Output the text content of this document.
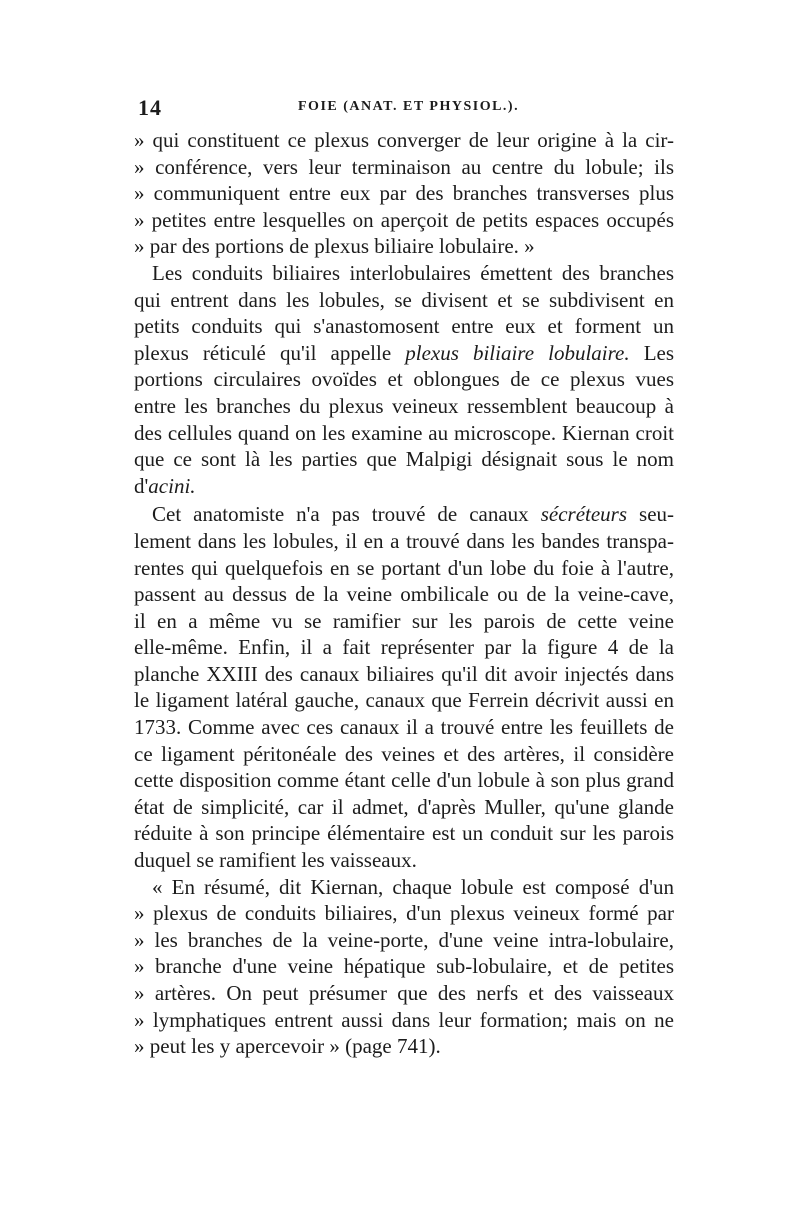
14	FOIE (ANAT. ET PHYSIOL.).
» qui constituent ce plexus converger de leur origine à la cir-
» conférence, vers leur terminaison au centre du lobule; ils
» communiquent entre eux par des branches transverses plus
» petites entre lesquelles on aperçoit de petits espaces occupés
» par des portions de plexus biliaire lobulaire. »
Les conduits biliaires interlobulaires émettent des branches
qui entrent dans les lobules, se divisent et se subdivisent en
petits conduits qui s'anastomosent entre eux et forment un
plexus réticulé qu'il appelle plexus biliaire lobulaire. Les
portions circulaires ovoïdes et oblongues de ce plexus vues
entre les branches du plexus veineux ressemblent beaucoup à
des cellules quand on les examine au microscope. Kiernan croit
que ce sont là les parties que Malpigi désignait sous le nom
d'acini.
Cet anatomiste n'a pas trouvé de canaux sécréteurs seu-
lement dans les lobules, il en a trouvé dans les bandes transpa-
rentes qui quelquefois en se portant d'un lobe du foie à l'autre,
passent au dessus de la veine ombilicale ou de la veine-cave,
il en a même vu se ramifier sur les parois de cette veine
elle-même. Enfin, il a fait représenter par la figure 4 de la
planche XXIII des canaux biliaires qu'il dit avoir injectés dans
le ligament latéral gauche, canaux que Ferrein décrivit aussi en
1733. Comme avec ces canaux il a trouvé entre les feuillets de
ce ligament péritonéale des veines et des artères, il considère
cette disposition comme étant celle d'un lobule à son plus grand
état de simplicité, car il admet, d'après Muller, qu'une glande
réduite à son principe élémentaire est un conduit sur les parois
duquel se ramifient les vaisseaux.
« En résumé, dit Kiernan, chaque lobule est composé d'un
» plexus de conduits biliaires, d'un plexus veineux formé par
» les branches de la veine-porte, d'une veine intra-lobulaire,
» branche d'une veine hépatique sub-lobulaire, et de petites
» artères. On peut présumer que des nerfs et des vaisseaux
» lymphatiques entrent aussi dans leur formation; mais on ne
» peut les y apercevoir » (page 741).
